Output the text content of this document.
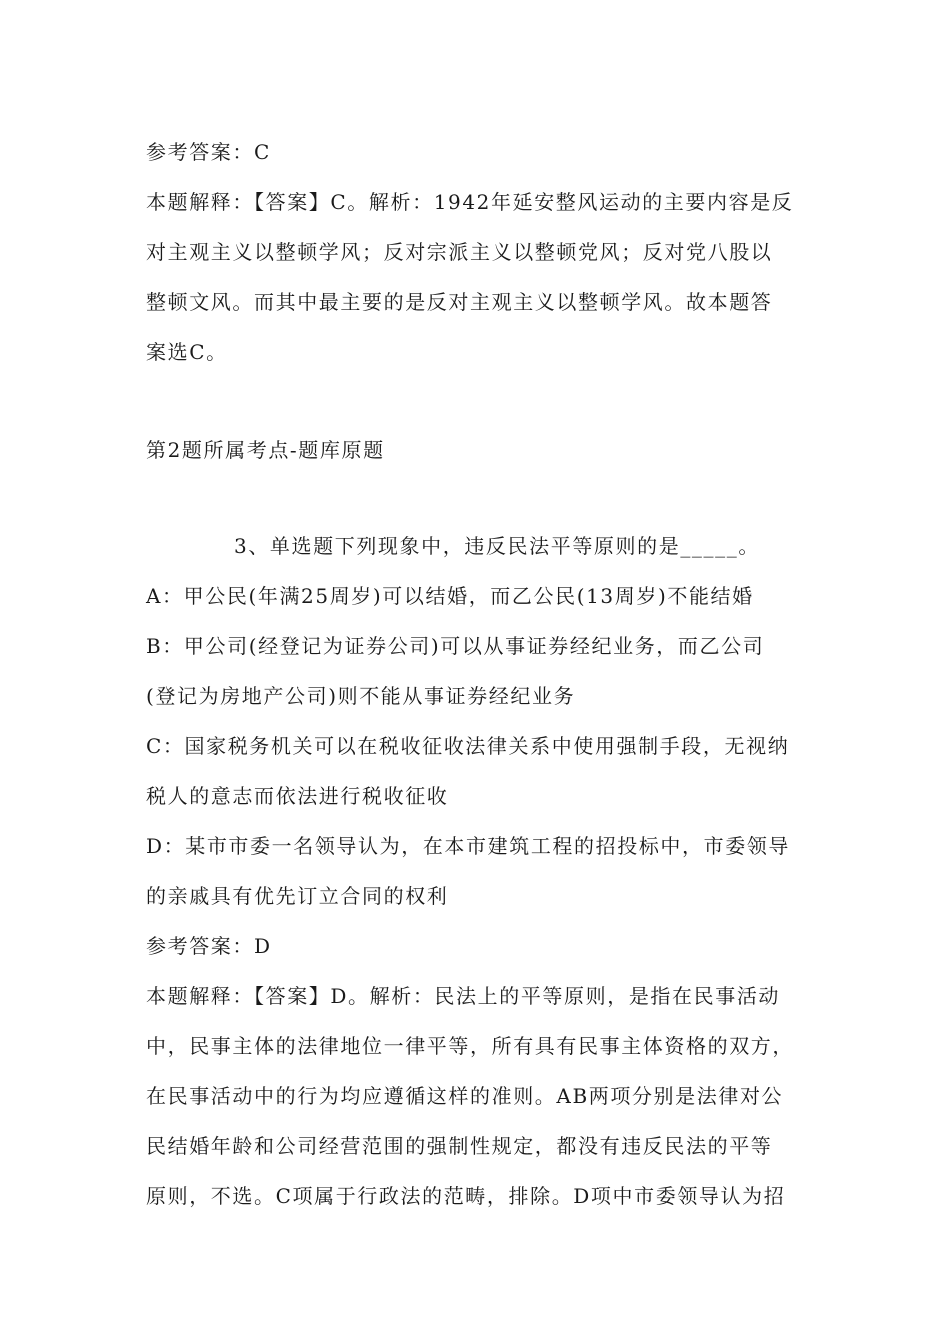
参考答案：C
本题解释：【答案】C。解析：1942年延安整风运动的主要内容是反
对主观主义以整顿学风；反对宗派主义以整顿党风；反对党八股以
整顿文风。而其中最主要的是反对主观主义以整顿学风。故本题答
案选C。
第2题所属考点-题库原题
3、单选题下列现象中，违反民法平等原则的是_____。
A：甲公民(年满25周岁)可以结婚，而乙公民(13周岁)不能结婚
B：甲公司(经登记为证券公司)可以从事证券经纪业务，而乙公司
(登记为房地产公司)则不能从事证券经纪业务
C：国家税务机关可以在税收征收法律关系中使用强制手段，无视纳
税人的意志而依法进行税收征收
D：某市市委一名领导认为，在本市建筑工程的招投标中，市委领导
的亲戚具有优先订立合同的权利
参考答案：D
本题解释：【答案】D。解析：民法上的平等原则，是指在民事活动
中，民事主体的法律地位一律平等，所有具有民事主体资格的双方，
在民事活动中的行为均应遵循这样的准则。AB两项分别是法律对公
民结婚年龄和公司经营范围的强制性规定，都没有违反民法的平等
原则，不选。C项属于行政法的范畴，排除。D项中市委领导认为招
